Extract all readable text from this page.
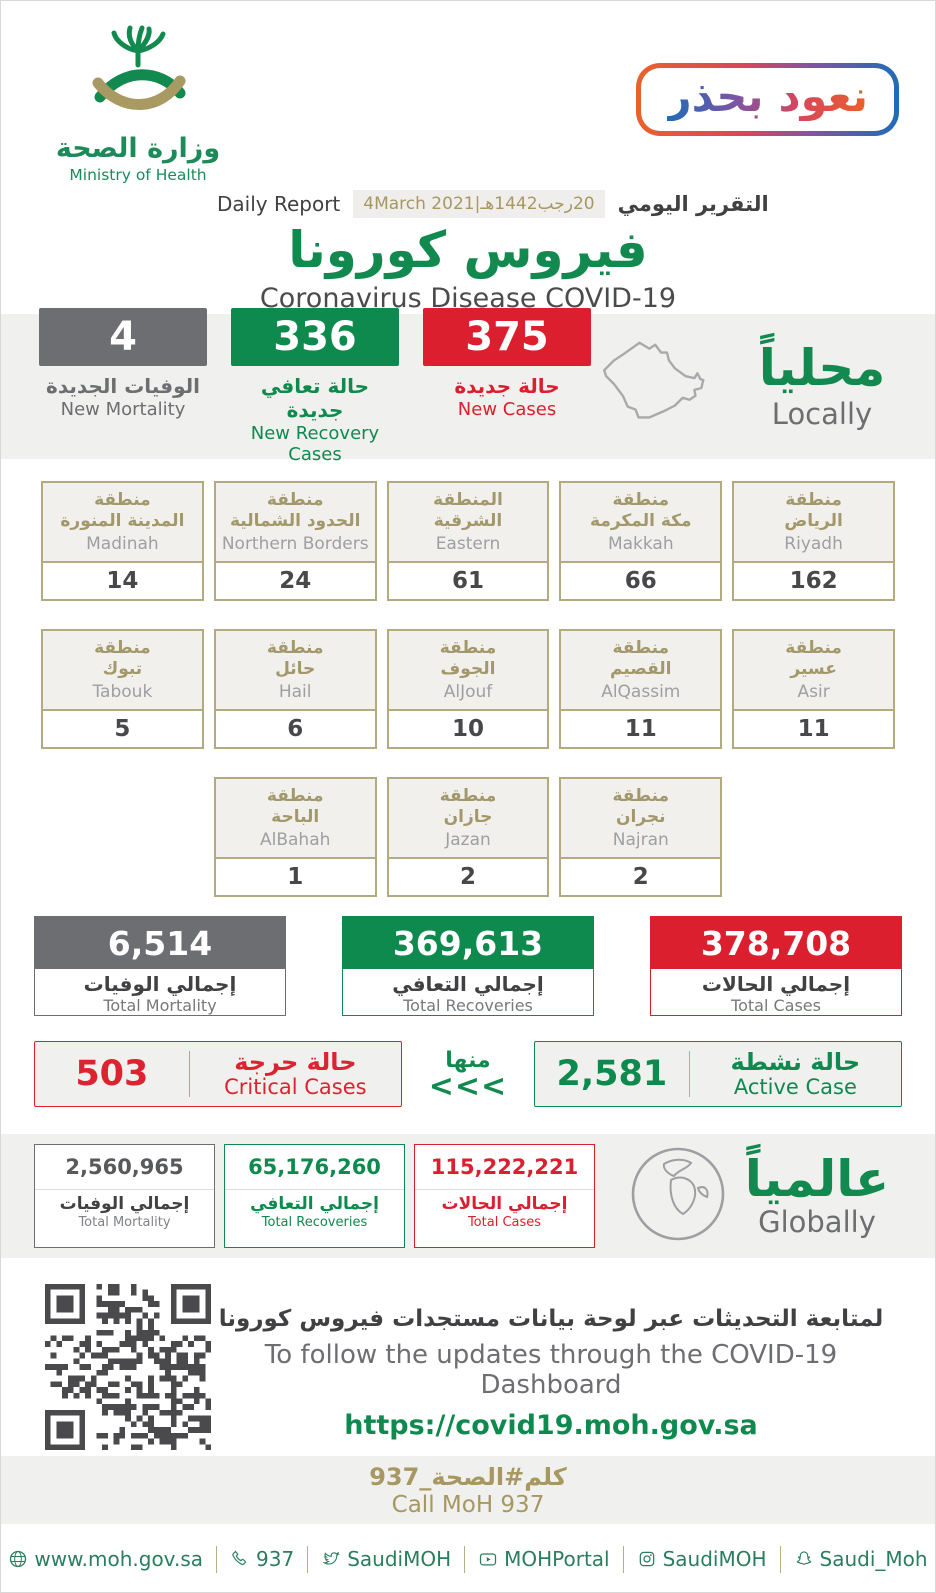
وزارة الصحة
Ministry of Health
نعود بحذر
Daily Report	4March 2021|20رجب1442هـ	التقرير اليومي
فيروس كورونا
Coronavirus Disease COVID-19
4
الوفيات الجديدة
New Mortality
336
حالة تعافي جديدة
New Recovery Cases
375
حالة جديدة
New Cases
محلياً
Locally
منطقة
المدينة المنورة
Madinah
14
منطقة
الحدود الشمالية
Northern Borders
24
المنطقة
الشرقية
Eastern
61
منطقة
مكة المكرمة
Makkah
66
منطقة
الرياض
Riyadh
162
منطقة
تبوك
Tabouk
5
منطقة
حائل
Hail
6
منطقة
الجوف
AlJouf
10
منطقة
القصيم
AlQassim
11
منطقة
عسير
Asir
11
منطقة
الباحة
AlBahah
1
منطقة
جازان
Jazan
2
منطقة
نجران
Najran
2
6,514
إجمالي الوفيات
Total Mortality
369,613
إجمالي التعافي
Total Recoveries
378,708
إجمالي الحالات
Total Cases
503	حالة حرجة
Critical Cases
منها
<<<	2,581	حالة نشطة
Active Case
2,560,965
إجمالي الوفيات
Total Mortality
65,176,260
إجمالي التعافي
Total Recoveries
115,222,221
إجمالي الحالات
Total Cases
عالمياً
Globally
لمتابعة التحديثات عبر لوحة بيانات مستجدات فيروس كورونا
To follow the updates through the COVID-19 Dashboard
https://covid19.moh.gov.sa
كلم#الصحة_937
Call MoH 937
www.moh.gov.sa	937	SaudiMOH	MOHPortal	SaudiMOH	Saudi_Moh
